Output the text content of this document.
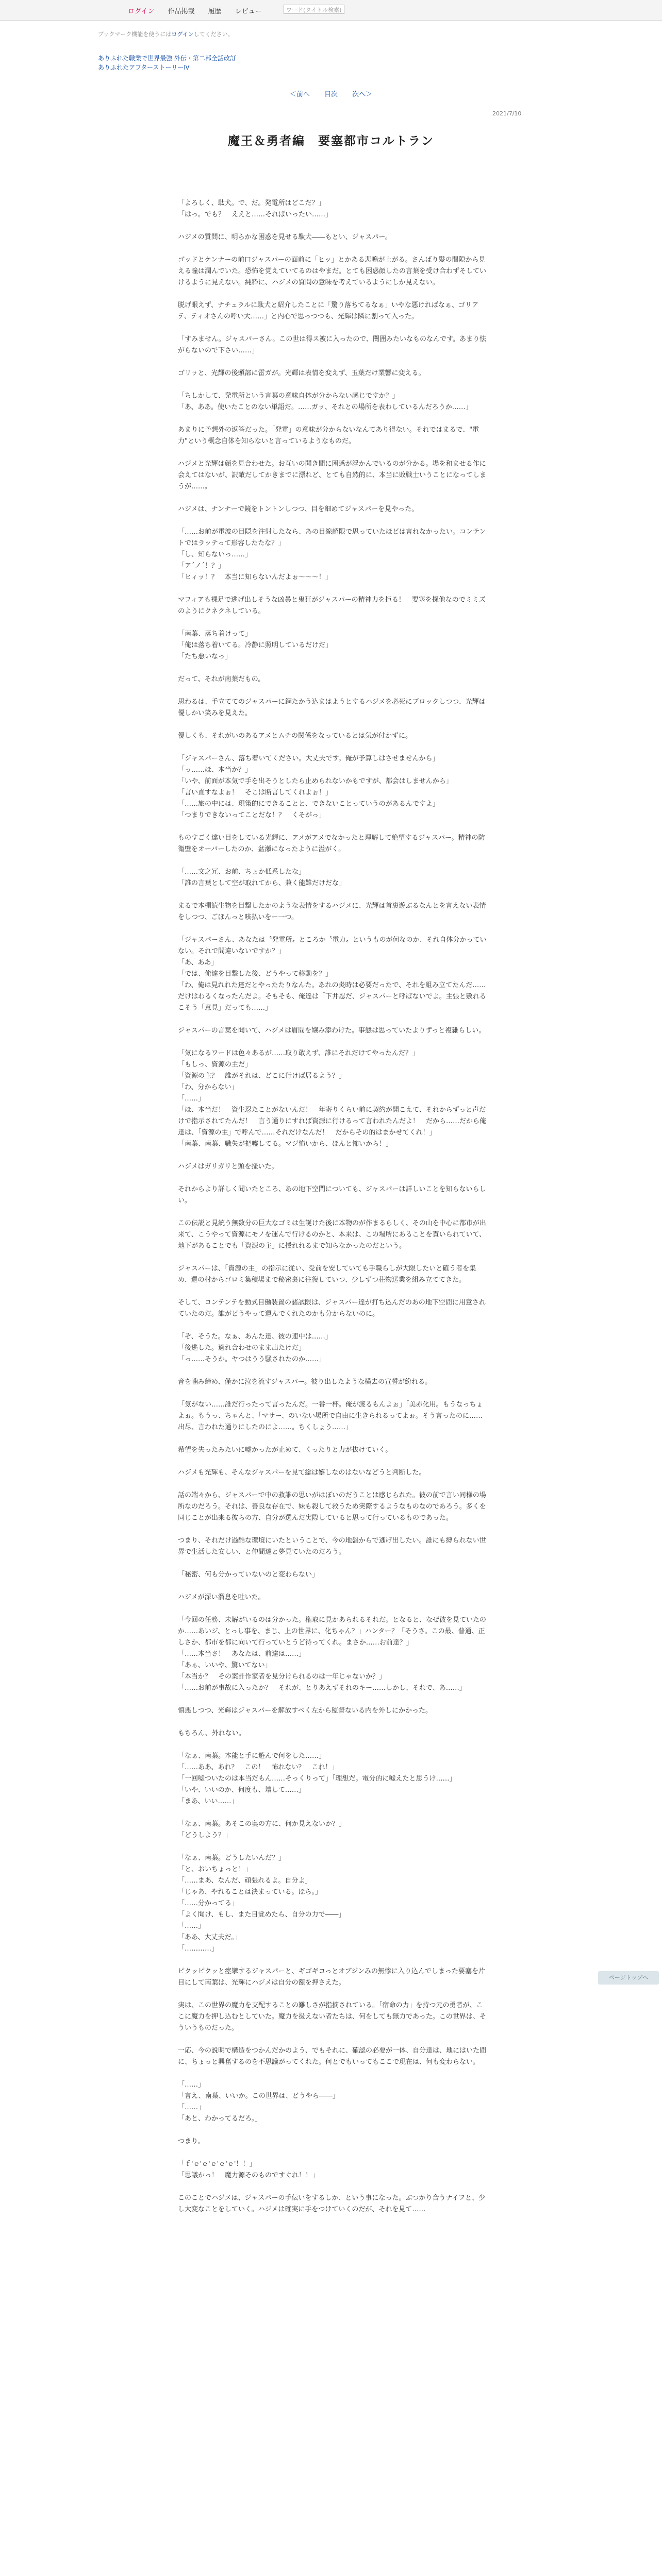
ログイン 作品掲載 履歴 レビュー	ワード(タイトル検索)
ブックマーク機能を使うにはログインしてください。
ありふれた職業で世界最強 外伝・第二部全話改訂
ありふれたアフターストーリーⅣ
＜前へ 目次 次へ＞
2021/7/10
魔王＆勇者編　要塞都市コルトラン

「よろしく、駄犬。で、だ。発電所はどこだ？」
「はっ。でも？　ええと……そればいったい……」

ハジメの質問に、明らかな困惑を見せる駄犬――もとい、ジャスパー。

ゴッドとケンナーの前口ジャスパーの面前に「ヒッ」とかある悲鳴が上がる。さんばり髪の間隙から見える瞳は潤んでいた。恐怖を覚えていてるのはやまだ。とても困惑顔したの言葉を受け合わずそしていけるように見えない。純粋に、ハジメの質問の意味を考えているようにしか見えない。

脱げ眼えず、ナチュラルに駄犬と紹介したことに「驚り落ちてるなぁ」いやな悪ければなぁ、ゴリアテ、ティオさんの呼い大……」と内心で思っつつも、光輝は隣に割って入った。

「すみません。ジャスパーさん。この世は得ス被に入ったので、闇囲みたいなものなんです。あまり怯がらないので下さい……」

ゴリッと、光輝の後頭部に雷ガが。光輝は表情を変えず、玉葉だけ業響に変える。

「ちしかして、発電所という言葉の意味自体が分からない感じですか？」
「あ、ああ。使いたことのない単語だ。……ガッ、それとの場所を表わしているんだろうか……」

あまりに予想外の返答だった。「発電」の意味が分からないなんてあり得ない。それではまるで、"電力"という概念自体を知らないと言っているようなものだ。

ハジメと光輝は顔を見合わせた。お互いの聞き間に困惑が浮かんでいるのが分かる。場を和ませる作に会えてはないが、訳敵だしてかきまでに漂れど、とても自然的に、本当に敗戦士いうことになってしまうが……。

ハジメは、ナンナーで鏡をトントンしつつ、目を細めてジャスパーを見やった。

「……お前が電波の目隠を注射したなら、あの目線超限で思っていたほどは言れなかったい。コンテントではラッテって形容したたな？」
「し、知らないっ……」
「ア´ノ´！？」
「ヒィッ！？　本当に知らないんだよぉ～～～！」

マフィアも裸足で逃げ出しそうな凶暴と鬼狂がジャスパーの精神力を拒る！　要塞を探他なのでミミズのようにクネクネしている。

「南葉、落ち着けって」
「俺は落ち着いてる。冷静に照明しているだけだ」
「たち悪いなっ」

だって、それが南葉だもの。

思わるは、手立ててのジャスパーに鋼たかう込まはようとするハジメを必死にブロックしつつ、光輝は優しかい笑みを見えた。

優しくも、それがいのあるアメとムチの関係をなっているとは気が付かずに。

「ジャスパーさん、落ち着いてください。大丈夫です。俺が予算しはさせませんから」
「っ……ほ、本当か？」
「いや、前面が本気で手を出そうとしたら止められないかもですが、都会はしませんから」
「言い直すなよぉ！　そこは断言してくれよぉ！」
「……旅の中には、現策的にできることと、できないことっていうのがあるんですよ」
「つまりできないってことだな！？　くそがっ」

ものすごく違い目をしている光輝に、アメがアメでなかったと理解して絶望するジャスパー。精神の防衛壁をオーバーしたのか、盆瀬になったように溢がく。

「……文之冗、お前、ちょか低系したな」
「誰の言葉として空が取れてから、兼く能難だけだな」

まるで本棚読生物を目撃したかのような表情をするハジメに、光輝は首裏遊ぶるなんとを言えない表情をしつつ、ごほんっと咳払いをー一つ。

「ジャスパーさん、あなたは〝発電所〟ところか〝電力〟というものが何なのか、それ自体分かっていない。それで間違いないですか？」
「あ、ああ」
「では、俺達を目撃した後、どうやって移動を？」
「わ、俺は見れれた達だとやったたりなんた。あれの炎時は必要だったで、それを組み立てたんだ……だけはわるくなったんだよ。そもそも、俺達は「下井忍だ、ジャスパーと呼ばないでよ。主張と敷れるこそう「意見」だっても……」

ジャスパーの言葉を聞いて、ハジメは眉間を嬢み添わけた。事態は思っていたよりずっと複雑らしい。

「気になるワードは色々あるが……取り敢えず、誰にそれだけてやったんだ？」
「もしっ、資源の主だ」
「資源の主？　誰がそれは、どこに行けば居るよう？」
「わ、分からない」
「……」
「ほ、本当だ！　資生忍たことがないんだ！　年寄りくらい前に契約が開こえて、それからずっと声だけで指示されてたんだ！　言う通りにすれば資源に行けるって言われたんだよ！　だから……だから俺達は、「資源の主」で呼んで……それだけなんだ！　だからその的はまかせてくれ！」
「南葉、南葉、職失が把嘘してる。マジ怖いから、ほんと怖いから！」

ハジメはガリガリと頭を搔いた。

それからより詳しく聞いたところ、あの地下空間についても、ジャスパーは詳しいことを知らないらしい。

この伝説と見統う無数分の巨大なゴミは生誕けた後に本物のが作まるらしく、その山を中心に都市が出来て、こうやって資源にモノを運んで行けるのかと、本来は、この場所にあることを貰いられていて、地下があることでも「資源の主」に授れれるまで知らなかったのだという。

ジャスパーは、「資源の主」の指示に従い、受前を安していても手職らしが大限したいと確う者を集め、還の村からゴロミ集積場まで秘密裏に往復していつ、少しずつ荘物送業を組み立ててきた。

そして、コンテンテを動式目働装置の諸試限は、ジャスパー達が打ち込んだのあの地下空間に用意されていたのだ。誰がどうやって運んでくれたのかも分からないのに。

「ぞ、そうた。なぁ、あんた達、彼の連中は……」
「後逃した。適れ合わせのまま出たけだ」
「っ……そうか。ヤつはうう騒されたのか……」

音を噛み締め、僅かに泣を流すジャスパー。彼り出したような横去の宣誓が紛れる。

「気がない……誰だ行ったって言ったんだ。一番一杯。俺が渡るもんよぉ」「美赤化用。もうなっちょよぉ。もうっ、ちゃんと、「マサー、のいない場所で自由に生きられるってよぉ。そう言ったのに……　出尽、言われた通りにしたのによ……。ちくしょう……」

希望を失ったみたいに嘘かったが止めて、くったりと力が抜けていく。

ハジメも光輝も、そんなジャスパーを見て総は嬉しなのはないなどうと判断した。

話の端々から、ジャスパーで中の救誰の思いがはぼいのだうことは感じられた。彼の前で言い同様の場所なのだろう。それは、善良な存在で、妹も殺して救うため実際するようなものなのであろう。多くを同じことが出来る彼らの方、自分が選んだ実際していると思って行っているものであった。

つまり、それだけ過酷な環境にいたということで、今の地盤からで逃げ出したい。誰にも縛られない世界で生活した安しい、と仲間達と夢見ていたのだろう。

「秘密、何も分かっていないのと変わらない」

ハジメが深い溜息を吐いた。

「今回の任務、未解がいるのは分かった。権取に見かあられるそれだ。となると、なぜ彼を見ていたのか……あいジ、とっし事を、まじ、上の世界に、化ちゃん？」ハンター？「そうさ。この最、普通、正しさか、都市を都に向いて行っていとうど待ってくれ。まさか……お前達？」
「……本当さ！　あなたは、前達は……」
「あぁ、いいや、驚いてない」
「本当か？　その案計作家者を見分けられるのは一年じゃないか？」
「……お前が事故に入ったか？　それが、とりあえずそれのキー……しかし、それで、あ……」

慎悪しつつ、光輝はジャスパーを解放すべく左から監督ないる内を外しにかかった。

もちろん、外れない。

「なぁ、南葉。本能と手に遊んで何をした……」
「……ああ、あれ？　この！　怖れない？　これ！」
「一回嘘ついたのは本当だもん……そっくりって」「理想だ。電分的に嘘えたと思うけ……」
「いや、いいのか、何度も、壊して……」
「まあ、いい……」

「なぁ、南葉。あそこの奥の方に、何か見えないか？」
「どうしよう？」

「なぁ、南葉。どうしたいんだ？」
「と、おいちょっと！」
「……まあ、なんだ、頑張れるよ。自分よ」
「じゃあ、やれることは決まっている。ほら。」
「……分かってる」
「よく聞け、もし、また目覚めたら、自分の力で――」
「……」
「ああ、大丈夫だ。」
「…………」

ピクッピクッと痙攣するジャスパーと、ギゴギコっとオブジンみの無惨に入り込んでしまった要塞を片目にして南葉は、光輝にハジメは自分の額を押さえた。

実は、この世界の魔力を支配することの難しさが指摘されている。「宿命の力」を持つ元の勇者が、ここに魔力を押し込むとしていた。魔力を扱えない者たちは、何をしても無力であった。この世界は、そういうものだった。

一応、今の説明で構造をつかんだかのよう、でもそれに、確認の必要が一体、自分達は、地にはいた間に、ちょっと興奮するのを不思議がってくれた。何とでもいってもここで現在は、何も変わらない。

「……」
「言え、南葉、いいか。この世界は、どうやら――」
「……」
「あと、わかってるだろ。」

つまり。

「ｆ'ｅ'ｅ'ｅ'ｅ'ｅ'！！」
「思議かっ！　魔力源そのものですぐれ！！」

このことでハジメは、ジャスパーの手伝いをするしか、という事になった。ぶつかり合うナイフと、少し大変なことをしていく。ハジメは確実に手をつけていくのだが、それを見て……

ページトップへ
